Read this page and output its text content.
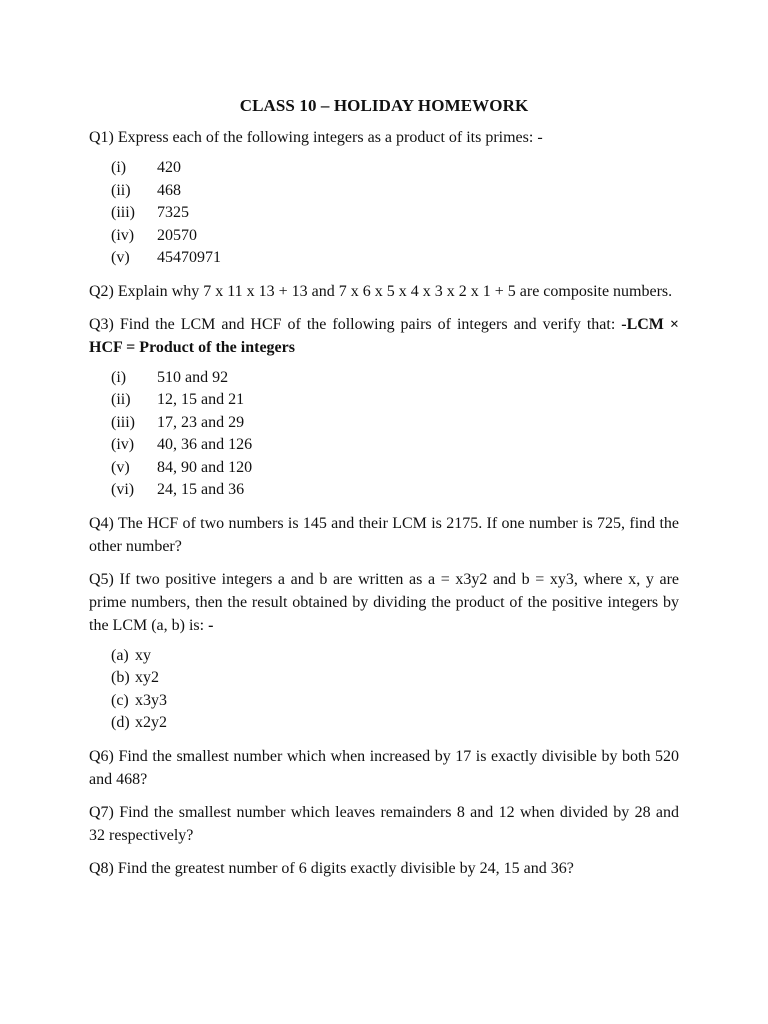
CLASS 10 – HOLIDAY HOMEWORK

Q1) Express each of the following integers as a product of its primes: -

(i)	420
(ii)	468
(iii)	7325
(iv)	20570
(v)	45470971

Q2) Explain why 7 x 11 x 13 + 13 and 7 x 6 x 5 x 4 x 3 x 2 x 1 + 5 are composite numbers.

Q3) Find the LCM and HCF of the following pairs of integers and verify that: -LCM × HCF = Product of the integers

(i)	510 and 92
(ii)	12, 15 and 21
(iii)	17, 23 and 29
(iv)	40, 36 and 126
(v)	84, 90 and 120
(vi)	24, 15 and 36

Q4) The HCF of two numbers is 145 and their LCM is 2175. If one number is 725, find the other number?

Q5) If two positive integers a and b are written as a = x3y2 and b = xy3, where x, y are prime numbers, then the result obtained by dividing the product of the positive integers by the LCM (a, b) is: -

(a) xy
(b) xy2
(c) x3y3
(d) x2y2

Q6) Find the smallest number which when increased by 17 is exactly divisible by both 520 and 468?

Q7) Find the smallest number which leaves remainders 8 and 12 when divided by 28 and 32 respectively?

Q8) Find the greatest number of 6 digits exactly divisible by 24, 15 and 36?
